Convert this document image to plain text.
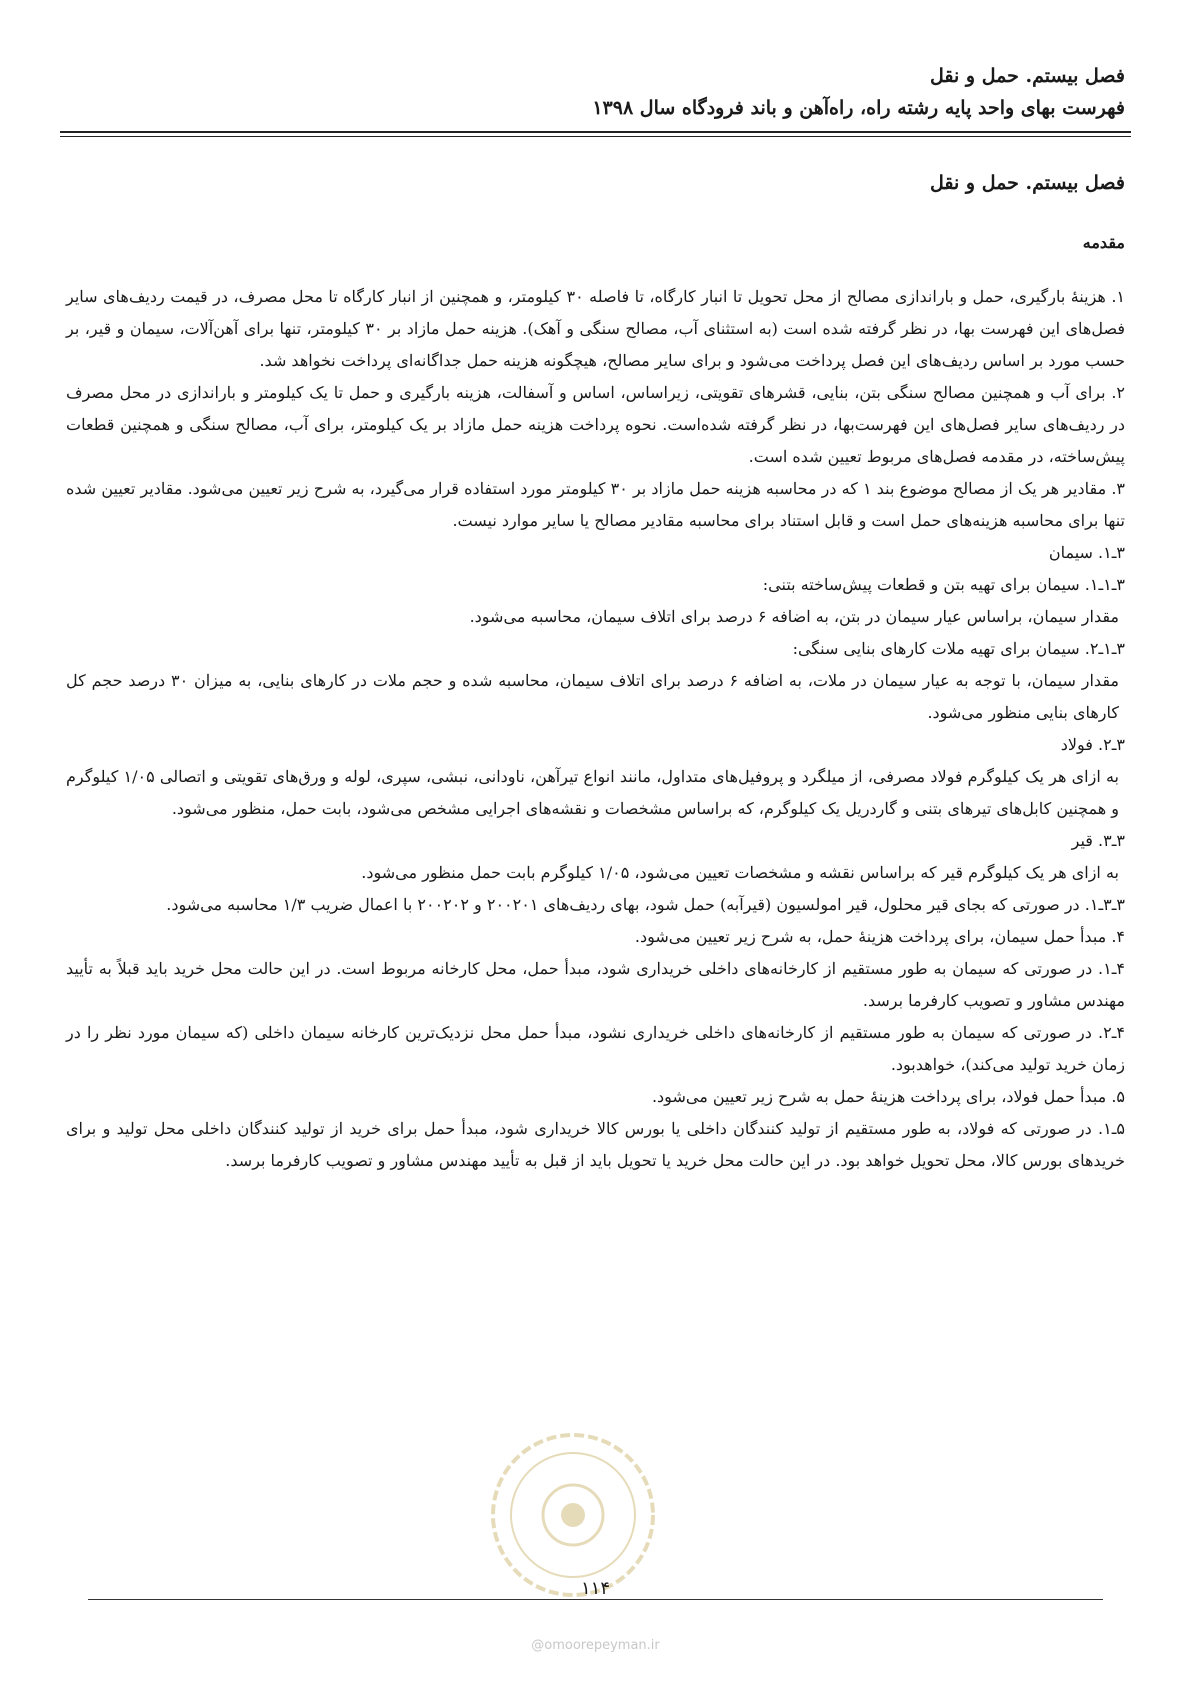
فصل بیستم. حمل و نقل
فهرست بهای واحد پایه رشته راه، راه‌آهن و باند فرودگاه سال ۱۳۹۸
فصل بیستم. حمل و نقل
مقدمه

۱. هزینهٔ بارگیری، حمل و باراندازی مصالح از محل تحویل تا انبار کارگاه، تا فاصله ۳۰ کیلومتر، و همچنین از انبار کارگاه تا محل مصرف، در قیمت ردیف‌های سایر فصل‌های این فهرست بها، در نظر گرفته شده است (به استثنای آب، مصالح سنگی و آهک). هزینه حمل مازاد بر ۳۰ کیلومتر، تنها برای آهن‌آلات، سیمان و قیر، بر حسب مورد بر اساس ردیف‌های این فصل پرداخت می‌شود و برای سایر مصالح، هیچگونه هزینه حمل جداگانه‌ای پرداخت نخواهد شد.

۲. برای آب و همچنین مصالح سنگی بتن، بنایی، قشرهای تقویتی، زیراساس، اساس و آسفالت، هزینه بارگیری و حمل تا یک کیلومتر و باراندازی در محل مصرف در ردیف‌های سایر فصل‌های این فهرست‌بها، در نظر گرفته شده‌است. نحوه پرداخت هزینه حمل مازاد بر یک کیلومتر، برای آب، مصالح سنگی و همچنین قطعات پیش‌ساخته، در مقدمه فصل‌های مربوط تعیین شده است.

۳. مقادیر هر یک از مصالح موضوع بند ۱ که در محاسبه هزینه حمل مازاد بر ۳۰ کیلومتر مورد استفاده قرار می‌گیرد، به شرح زیر تعیین می‌شود. مقادیر تعیین شده تنها برای محاسبه هزینه‌های حمل است و قابل استناد برای محاسبه مقادیر مصالح یا سایر موارد نیست.

۳ـ۱. سیمان

۳ـ۱ـ۱. سیمان برای تهیه بتن و قطعات پیش‌ساخته بتنی:

مقدار سیمان، براساس عیار سیمان در بتن، به اضافه ۶ درصد برای اتلاف سیمان، محاسبه می‌شود.

۳ـ۱ـ۲. سیمان برای تهیه ملات کارهای بنایی سنگی:

مقدار سیمان، با توجه به عیار سیمان در ملات، به اضافه ۶ درصد برای اتلاف سیمان، محاسبه شده و حجم ملات در کارهای بنایی، به میزان ۳۰ درصد حجم کل کارهای بنایی منظور می‌شود.

۳ـ۲. فولاد

به ازای هر یک کیلوگرم فولاد مصرفی، از میلگرد و پروفیل‌های متداول، مانند انواع تیرآهن، ناودانی، نبشی، سپری، لوله و ورق‌های تقویتی و اتصالی ۱/۰۵ کیلوگرم و همچنین کابل‌های تیرهای بتنی و گاردریل یک کیلوگرم، که براساس مشخصات و نقشه‌های اجرایی مشخص می‌شود، بابت حمل، منظور می‌شود.

۳ـ۳. قیر

به ازای هر یک کیلوگرم قیر که براساس نقشه و مشخصات تعیین می‌شود، ۱/۰۵ کیلوگرم بابت حمل منظور می‌شود.

۳ـ۳ـ۱. در صورتی که بجای قیر محلول، قیر امولسیون (قیرآبه) حمل شود، بهای ردیف‌های ۲۰۰۲۰۱ و ۲۰۰۲۰۲ با اعمال ضریب ۱/۳ محاسبه می‌شود.

۴. مبدأ حمل سیمان، برای پرداخت هزینهٔ حمل، به شرح زیر تعیین می‌شود.

۴ـ۱. در صورتی که سیمان به طور مستقیم از کارخانه‌های داخلی خریداری شود، مبدأ حمل، محل کارخانه مربوط است. در این حالت محل خرید باید قبلاً به تأیید مهندس مشاور و تصویب کارفرما برسد.

۴ـ۲. در صورتی که سیمان به طور مستقیم از کارخانه‌های داخلی خریداری نشود، مبدأ حمل محل نزدیک‌ترین کارخانه سیمان داخلی (که سیمان مورد نظر را در زمان خرید تولید می‌کند)، خواهدبود.

۵. مبدأ حمل فولاد، برای پرداخت هزینهٔ حمل به شرح زیر تعیین می‌شود.

۵ـ۱. در صورتی که فولاد، به طور مستقیم از تولید کنندگان داخلی یا بورس کالا خریداری شود، مبدأ حمل برای خرید از تولید کنندگان داخلی محل تولید و برای خریدهای بورس کالا، محل تحویل خواهد بود. در این حالت محل خرید یا تحویل باید از قبل به تأیید مهندس مشاور و تصویب کارفرما برسد.

۱۱۴
@omoorepeyman.ir
